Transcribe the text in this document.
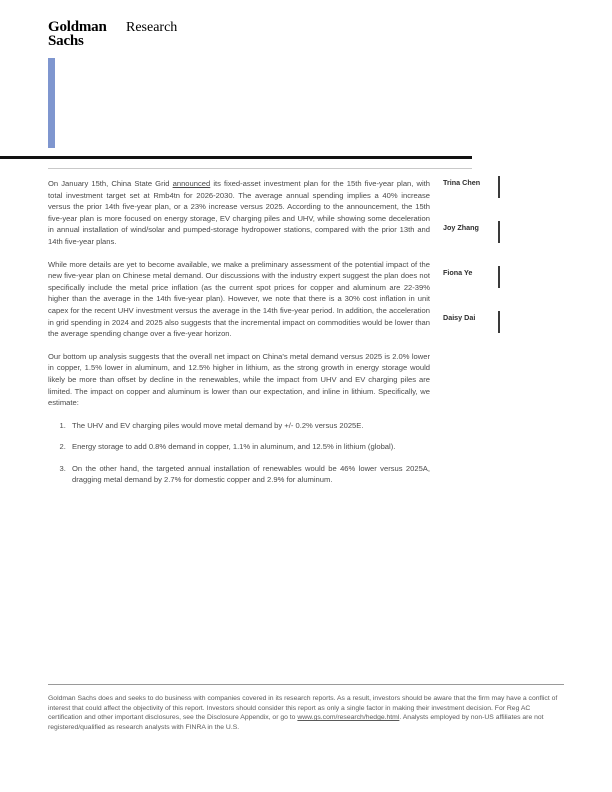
Goldman
Sachs
Research

On January 15th, China State Grid announced its fixed-asset investment plan for the 15th five-year plan, with total investment target set at Rmb4tn for 2026-2030. The average annual spending implies a 40% increase versus the prior 14th five-year plan, or a 23% increase versus 2025. According to the announcement, the 15th five-year plan is more focused on energy storage, EV charging piles and UHV, while showing some deceleration in annual installation of wind/solar and pumped-storage hydropower stations, compared with the prior 13th and 14th five-year plans.

While more details are yet to become available, we make a preliminary assessment of the potential impact of the new five-year plan on Chinese metal demand. Our discussions with the industry expert suggest the plan does not specifically include the metal price inflation (as the current spot prices for copper and aluminum are 22-39% higher than the average in the 14th five-year plan). However, we note that there is a 30% cost inflation in unit capex for the recent UHV investment versus the average in the 14th five-year period. In addition, the acceleration in grid spending in 2024 and 2025 also suggests that the incremental impact on commodities would be lower than the average spending change over a five-year horizon.

Our bottom up analysis suggests that the overall net impact on China's metal demand versus 2025 is 2.0% lower in copper, 1.5% lower in aluminum, and 12.5% higher in lithium, as the strong growth in energy storage would likely be more than offset by decline in the renewables, while the impact from UHV and EV charging piles are limited. The impact on copper and aluminum is lower than our expectation, and inline in lithium. Specifically, we estimate:

1. The UHV and EV charging piles would move metal demand by +/- 0.2% versus 2025E.
2. Energy storage to add 0.8% demand in copper, 1.1% in aluminum, and 12.5% in lithium (global).
3. On the other hand, the targeted annual installation of renewables would be 46% lower versus 2025A, dragging metal demand by 2.7% for domestic copper and 2.9% for aluminum.
Trina Chen
Joy Zhang
Fiona Ye
Daisy Dai

Goldman Sachs does and seeks to do business with companies covered in its research reports. As a result, investors should be aware that the firm may have a conflict of interest that could affect the objectivity of this report. Investors should consider this report as only a single factor in making their investment decision. For Reg AC certification and other important disclosures, see the Disclosure Appendix, or go to www.gs.com/research/hedge.html. Analysts employed by non-US affiliates are not registered/qualified as research analysts with FINRA in the U.S.
